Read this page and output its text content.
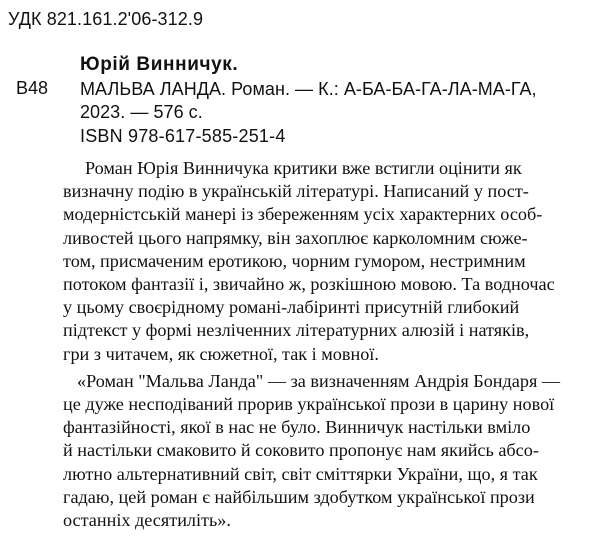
УДК 821.161.2'06-312.9
В48
Юрій Винничук.
МАЛЬВА ЛАНДА. Роман. — К.: А-БА-БА-ГА-ЛА-МА-ГА,
2023. — 576 с.
ISBN 978-617-585-251-4
Роман Юрія Винничука критики вже встигли оцінити як
визначну подію в українській літературі. Написаний у пост-
модерністській манері із збереженням усіх характерних особ-
ливостей цього напрямку, він захоплює карколомним сюже-
том, присмаченим еротикою, чорним гумором, нестримним
потоком фантазії і, звичайно ж, розкішною мовою. Та водночас
у цьому своєрідному романі-лабіринті присутній глибокий
підтекст у формі незліченних літературних алюзій і натяків,
гри з читачем, як сюжетної, так і мовної.
«Роман "Мальва Ланда" — за визначенням Андрія Бондаря —
це дуже несподіваний прорив української прози в царину нової
фантазійності, якої в нас не було. Винничук настільки вміло
й настільки смаковито й соковито пропонує нам якийсь абсо-
лютно альтернативний світ, світ сміттярки України, що, я так
гадаю, цей роман є найбільшим здобутком української прози
останніх десятиліть».
